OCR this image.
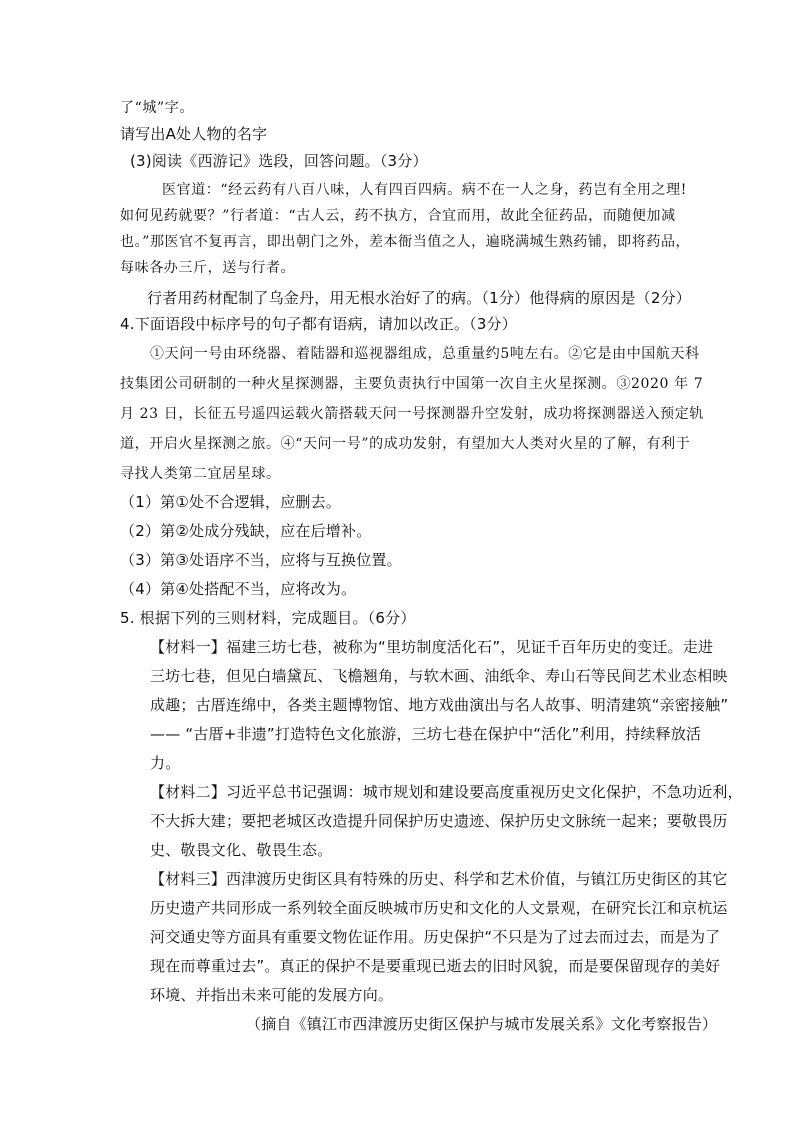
了“城”字。
请写出A处人物的名字
(3)阅读《西游记》选段，回答问题。（3分）
医官道：“经云药有八百八味，人有四百四病。病不在一人之身，药岂有全用之理!
如何见药就要？”行者道：“古人云，药不执方，合宜而用，故此全征药品，而随便加减
也。”那医官不复再言，即出朝门之外，差本衙当值之人，遍晓满城生熟药铺，即将药品，
每味各办三斤，送与行者。
行者用药材配制了乌金丹，用无根水治好了的病。（1分）他得病的原因是（2分）
4.下面语段中标序号的句子都有语病，请加以改正。（3分）
①天问一号由环绕器、着陆器和巡视器组成，总重量约5吨左右。②它是由中国航天科
技集团公司研制的一种火星探测器，主要负责执行中国第一次自主火星探测。③2020 年 7
月 23 日，长征五号遥四运载火箭搭载天问一号探测器升空发射，成功将探测器送入预定轨
道，开启火星探测之旅。④“天问一号”的成功发射，有望加大人类对火星的了解，有利于
寻找人类第二宜居星球。
（1）第①处不合逻辑，应删去。
（2）第②处成分残缺，应在后增补。
（3）第③处语序不当，应将与互换位置。
（4）第④处搭配不当，应将改为。
5. 根据下列的三则材料，完成题目。（6分）
【材料一】福建三坊七巷，被称为“里坊制度活化石”，见证千百年历史的变迁。走进
三坊七巷，但见白墙黛瓦、飞檐翘角，与软木画、油纸伞、寿山石等民间艺术业态相映
成趣；古厝连绵中，各类主题博物馆、地方戏曲演出与名人故事、明清建筑“亲密接触”
—— “古厝+非遗”打造特色文化旅游，三坊七巷在保护中“活化”利用，持续释放活
力。
【材料二】习近平总书记强调：城市规划和建设要高度重视历史文化保护，不急功近利，
不大拆大建；要把老城区改造提升同保护历史遗迹、保护历史文脉统一起来；要敬畏历
史、敬畏文化、敬畏生态。
【材料三】西津渡历史街区具有特殊的历史、科学和艺术价值，与镇江历史街区的其它
历史遗产共同形成一系列较全面反映城市历史和文化的人文景观，在研究长江和京杭运
河交通史等方面具有重要文物佐证作用。历史保护“不只是为了过去而过去，而是为了
现在而尊重过去”。真正的保护不是要重现已逝去的旧时风貌，而是要保留现存的美好
环境、并指出未来可能的发展方向。
（摘自《镇江市西津渡历史街区保护与城市发展关系》文化考察报告）
